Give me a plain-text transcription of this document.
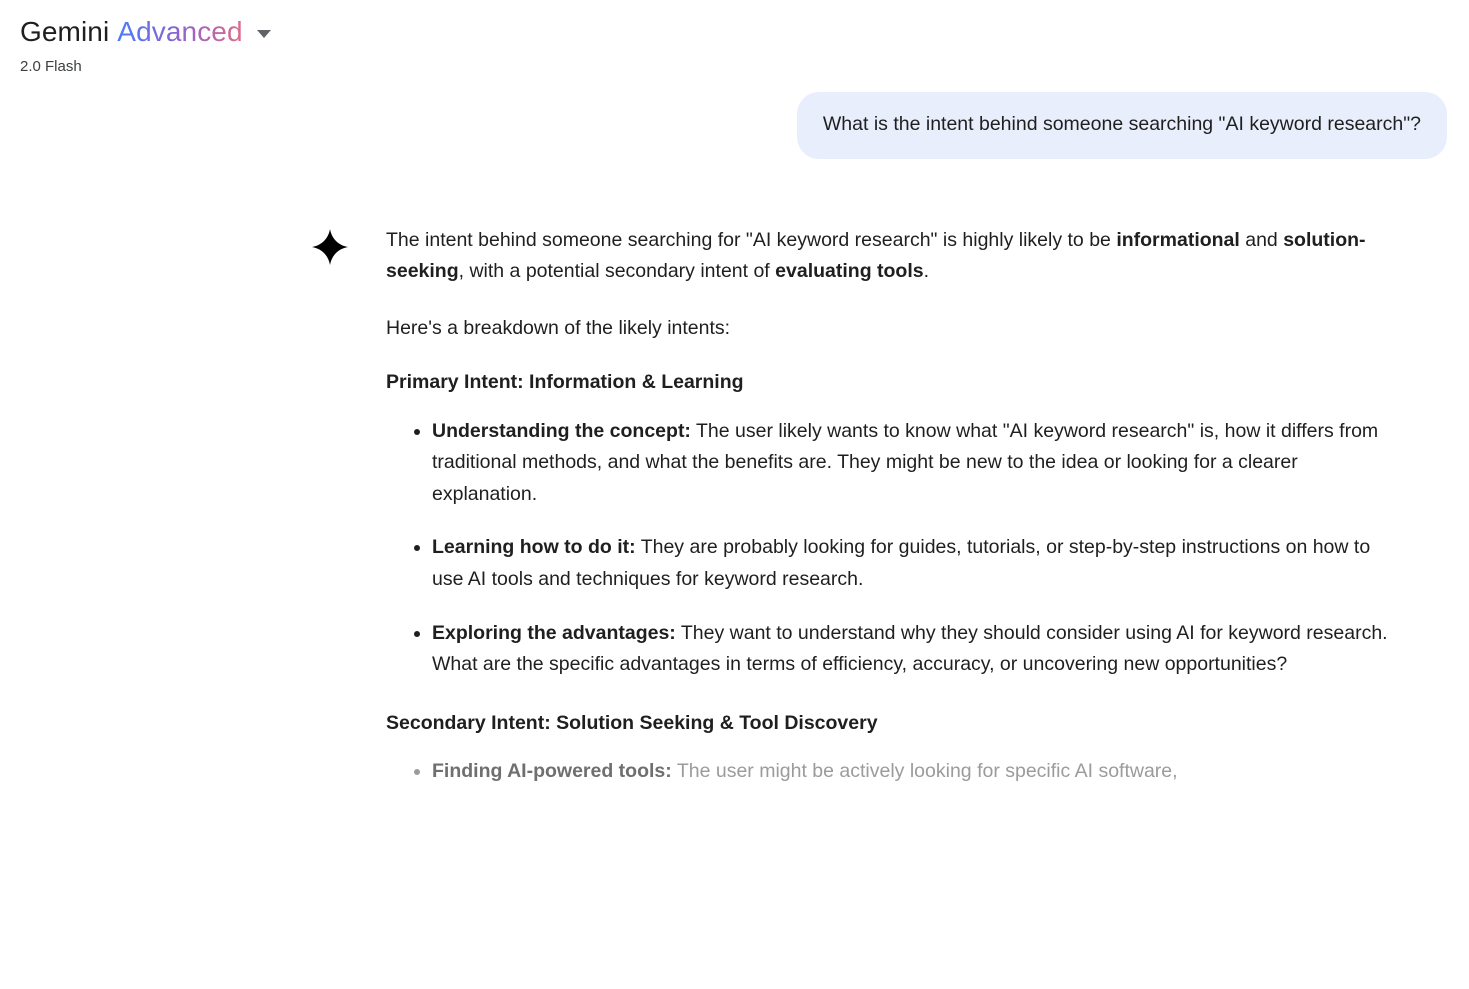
Gemini Advanced
2.0 Flash
What is the intent behind someone searching "AI keyword research"?

The intent behind someone searching for "AI keyword research" is highly likely to be informational and solution-seeking, with a potential secondary intent of evaluating tools.

Here's a breakdown of the likely intents:

Primary Intent: Information & Learning
• Understanding the concept: The user likely wants to know what "AI keyword research" is, how it differs from traditional methods, and what the benefits are. They might be new to the idea or looking for a clearer explanation.
• Learning how to do it: They are probably looking for guides, tutorials, or step-by-step instructions on how to use AI tools and techniques for keyword research.
• Exploring the advantages: They want to understand why they should consider using AI for keyword research. What are the specific advantages in terms of efficiency, accuracy, or uncovering new opportunities?
Secondary Intent: Solution Seeking & Tool Discovery
• Finding AI-powered tools: The user might be actively looking for specific AI software,
